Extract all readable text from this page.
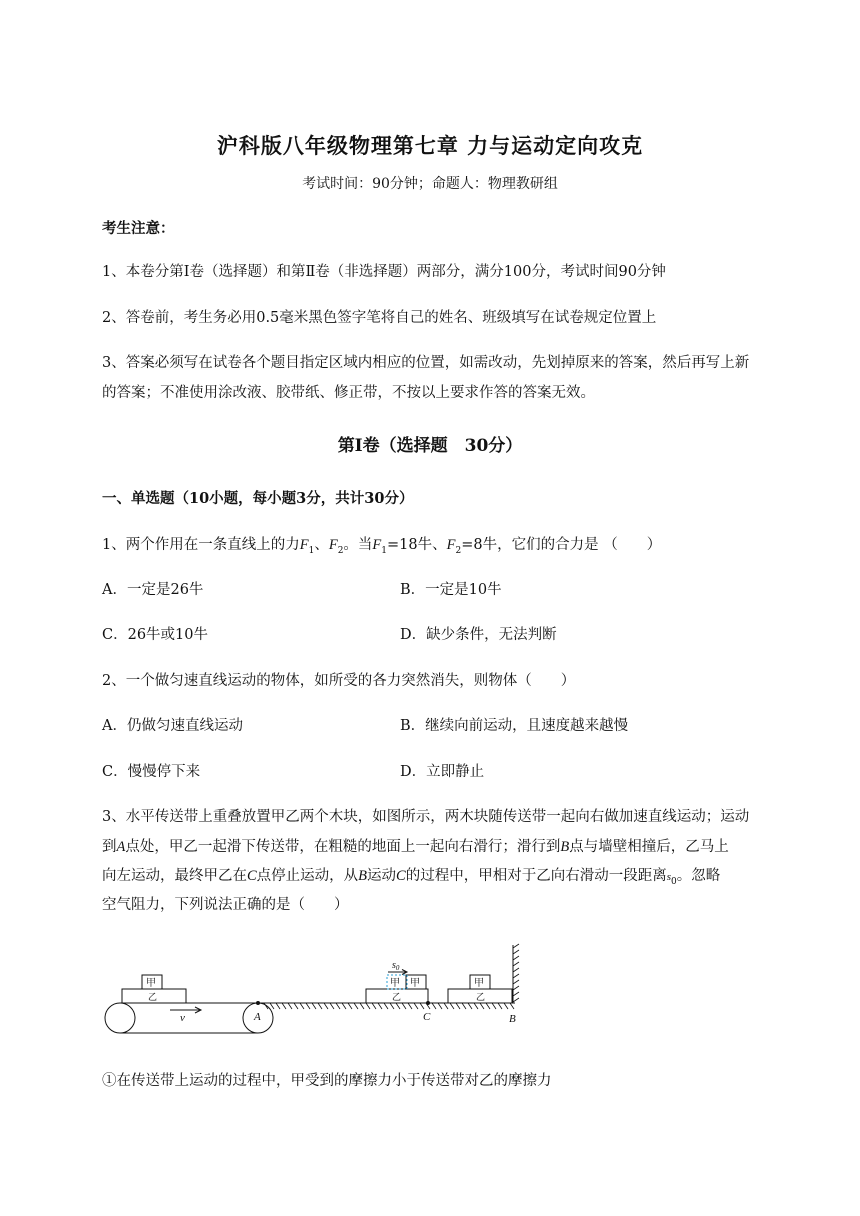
沪科版八年级物理第七章 力与运动定向攻克
考试时间：90分钟；命题人：物理教研组
考生注意：
1、本卷分第Ⅰ卷（选择题）和第Ⅱ卷（非选择题）两部分，满分100分，考试时间90分钟
2、答卷前，考生务必用0.5毫米黑色签字笔将自己的姓名、班级填写在试卷规定位置上
3、答案必须写在试卷各个题目指定区域内相应的位置，如需改动，先划掉原来的答案，然后再写上新
的答案；不准使用涂改液、胶带纸、修正带，不按以上要求作答的答案无效。
第Ⅰ卷（选择题　30分）
一、单选题（10小题，每小题3分，共计30分）
1、两个作用在一条直线上的力$F_1$、$F_2$。当$F_1=18$牛、$F_2=8$牛，它们的合力是 （　　）
A．一定是26牛	B．一定是10牛
C．26牛或10牛	D．缺少条件，无法判断
2、一个做匀速直线运动的物体，如所受的各力突然消失，则物体（　　）
A．仍做匀速直线运动	B．继续向前运动，且速度越来越慢
C．慢慢停下来	D．立即静止
3、水平传送带上重叠放置甲乙两个木块，如图所示，两木块随传送带一起向右做加速直线运动；运动
到A点处，甲乙一起滑下传送带，在粗糙的地面上一起向右滑行；滑行到B点与墙壁相撞后，乙马上
向左运动，最终甲乙在C点停止运动，从B运动C的过程中，甲相对于乙向右滑动一段距离$s_0$。忽略
空气阻力，下列说法正确的是（　　）
甲
乙
v	A
甲 甲
乙
$s_0$
C
甲
乙
B
①在传送带上运动的过程中，甲受到的摩擦力小于传送带对乙的摩擦力
